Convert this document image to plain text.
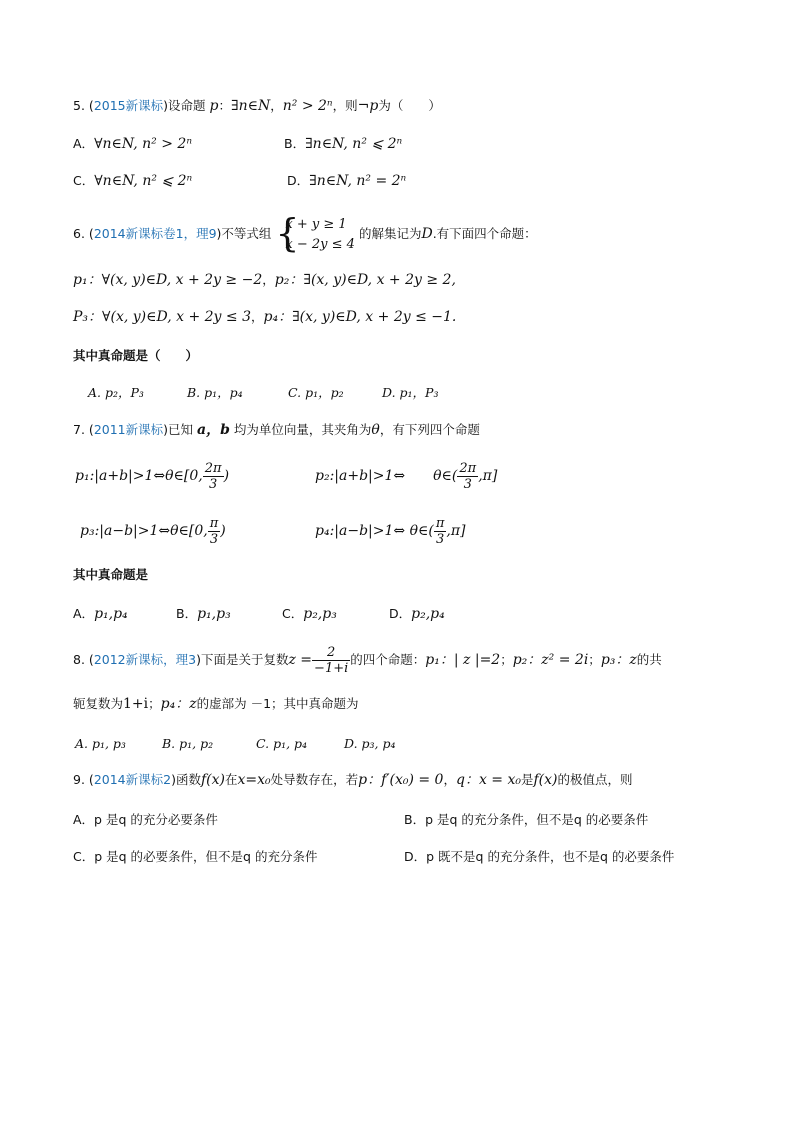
5. (2015新课标)设命题 p：∃n∈N，n² > 2ⁿ，则¬p为（　　）
A．∀n∈N, n² > 2ⁿ	B．∃n∈N, n² ⩽ 2ⁿ
C．∀n∈N, n² ⩽ 2ⁿ	D．∃n∈N, n² = 2ⁿ
6. (2014新课标卷1，理9)不等式组 {
x + y ≥ 1
x − 2y ≤ 4
的解集记为D.有下面四个命题：
p₁：∀(x, y)∈D, x + 2y ≥ −2，p₂：∃(x, y)∈D, x + 2y ≥ 2,
P₃：∀(x, y)∈D, x + 2y ≤ 3，p₄：∃(x, y)∈D, x + 2y ≤ −1.
其中真命题是（　　）
A. p₂，P₃	B. p₁，p₄	C. p₁，p₂	D. p₁，P₃
7. (2011新课标)已知 a，b 均为单位向量，其夹角为θ，有下列四个命题
p₁:|a+b|>1⇔θ∈[0, $\frac{2\pi}{3}$ )	p₂:|a+b|>1⇔ θ∈( $\frac{2\pi}{3} ,\pi$]
p₃:|a−b|>1⇔θ∈[0, $\frac{\pi}{3}$ )	p₄:|a−b|>1⇔ θ∈( $\frac{\pi}{3} ,\pi$]
其中真命题是
A．p₁,p₄	B．p₁,p₃	C．p₂,p₃	D．p₂,p₄
8. (2012新课标，理3)下面是关于复数$z = \frac{2}{-1+i}$ 的四个命题：p₁：| z |=2；p₂：z² = 2i；p₃：z的共
轭复数为1+i；p₄：z的虚部为 －1；其中真命题为
A. p₁, p₃	B. p₁, p₂	C. p₁, p₄	D. p₃, p₄
9. (2014新课标2)函数f(x)在x=x₀处导数存在，若p：f′(x₀) = 0，q：x = x₀是f(x)的极值点，则
A．p 是q 的充分必要条件	B．p 是q 的充分条件，但不是q 的必要条件
C．p 是q 的必要条件，但不是q 的充分条件	D．p 既不是q 的充分条件，也不是q 的必要条件
